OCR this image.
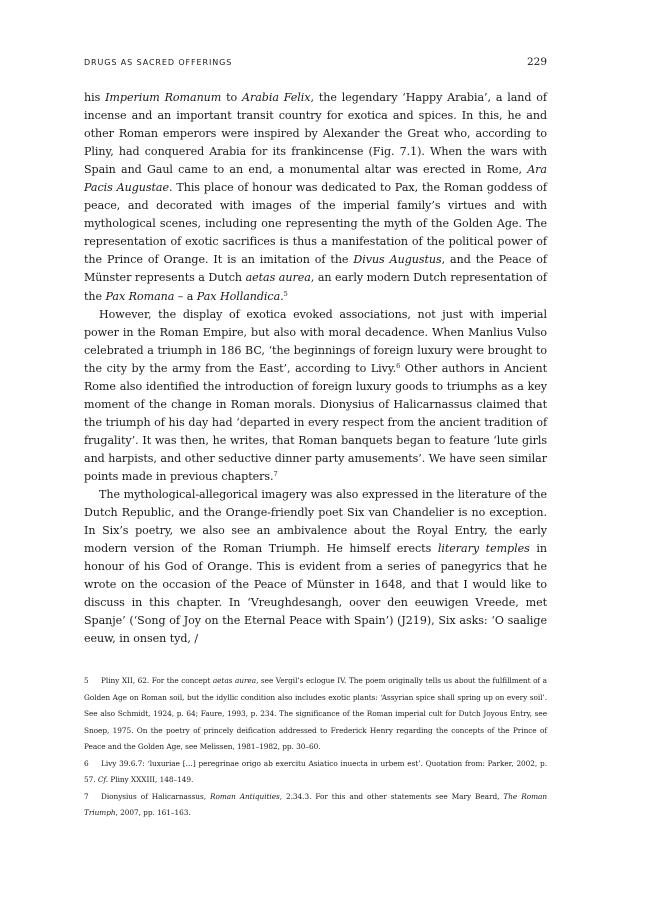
DRUGS AS SACRED OFFERINGS	229

his Imperium Romanum to Arabia Felix, the legendary ‘Happy Arabia’, a land of incense and an important transit country for exotica and spices. In this, he and other Roman emperors were inspired by Alexander the Great who, according to Pliny, had conquered Arabia for its frankincense (Fig. 7.1). When the wars with Spain and Gaul came to an end, a monumental altar was erected in Rome, Ara Pacis Augustae. This place of honour was dedicated to Pax, the Roman goddess of peace, and decorated with images of the imperial family’s virtues and with mythological scenes, including one representing the myth of the Golden Age. The representation of exotic sacrifices is thus a manifestation of the political power of the Prince of Orange. It is an imitation of the Divus Augustus, and the Peace of Münster represents a Dutch aetas aurea, an early modern Dutch representation of the Pax Romana – a Pax Hollandica.$^5$

However, the display of exotica evoked associations, not just with imperial power in the Roman Empire, but also with moral decadence. When Manlius Vulso celebrated a triumph in 186 BC, ‘the beginnings of foreign luxury were brought to the city by the army from the East’, according to Livy.$^6$ Other authors in Ancient Rome also identified the introduction of foreign luxury goods to triumphs as a key moment of the change in Roman morals. Dionysius of Halicarnassus claimed that the triumph of his day had ‘departed in every respect from the ancient tradition of frugality’. It was then, he writes, that Roman banquets began to feature ‘lute girls and harpists, and other seductive dinner party amusements’. We have seen similar points made in previous chapters.$^7$

The mythological-allegorical imagery was also expressed in the literature of the Dutch Republic, and the Orange-friendly poet Six van Chandelier is no exception. In Six’s poetry, we also see an ambivalence about the Royal Entry, the early modern version of the Roman Triumph. He himself erects literary temples in honour of his God of Orange. This is evident from a series of panegyrics that he wrote on the occasion of the Peace of Münster in 1648, and that I would like to discuss in this chapter. In ‘Vreughdesangh, oover den eeuwigen Vreede, met Spanje’ (‘Song of Joy on the Eternal Peace with Spain’) (J219), Six asks: ‘O saalige eeuw, in onsen tyd, /

5 Pliny XII, 62. For the concept aetas aurea, see Vergil’s eclogue IV. The poem originally tells us about the fulfillment of a Golden Age on Roman soil, but the idyllic condition also includes exotic plants: ‘Assyrian spice shall spring up on every soil’. See also Schmidt, 1924, p. 64; Faure, 1993, p. 234. The significance of the Roman imperial cult for Dutch Joyous Entry, see Snoep, 1975. On the poetry of princely deification addressed to Frederick Henry regarding the concepts of the Prince of Peace and the Golden Age, see Melissen, 1981–1982, pp. 30–60.

6 Livy 39.6.7: ‘luxuriae […] peregrinae origo ab exercitu Asiatico inuecta in urbem est’. Quotation from: Parker, 2002, p. 57. Cf. Pliny XXXIII, 148–149.

7 Dionysius of Halicarnassus, Roman Antiquities, 2.34.3. For this and other statements see Mary Beard, The Roman Triumph, 2007, pp. 161–163.
